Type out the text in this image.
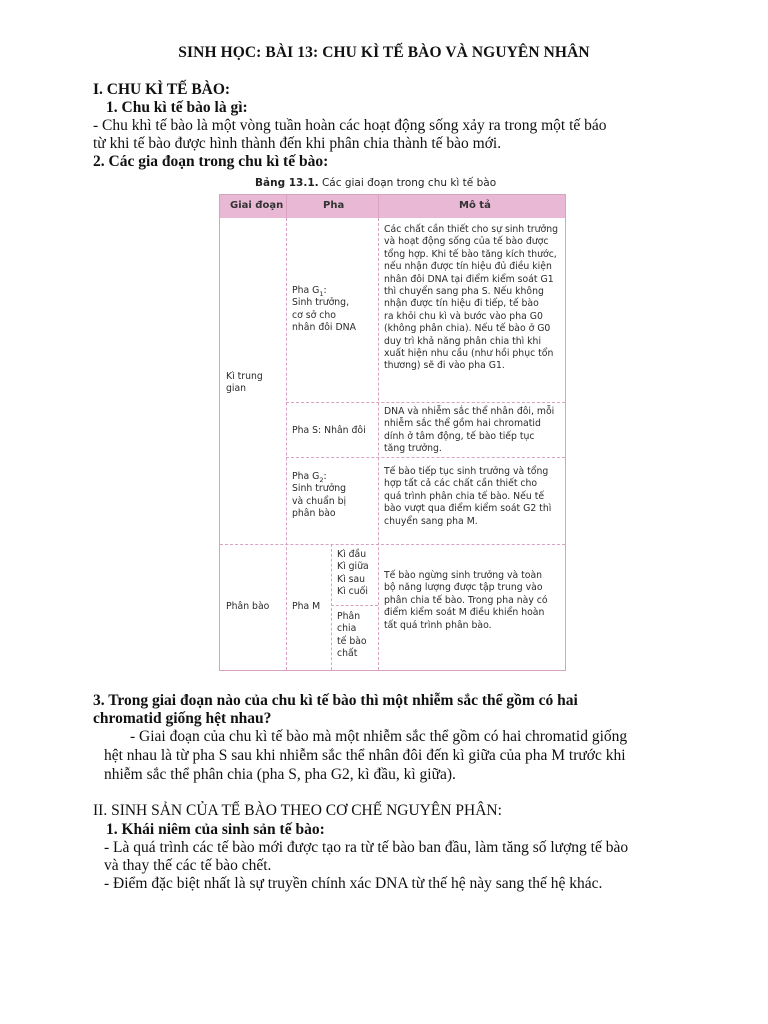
SINH HỌC: BÀI 13: CHU KÌ TẾ BÀO VÀ NGUYÊN NHÂN
I. CHU KÌ TẾ BÀO:
1. Chu kì tế bào là gì:
- Chu khì tế bào là một vòng tuần hoàn các hoạt động sống xảy ra trong một tế báo
từ khi tế bào được hình thành đến khi phân chia thành tế bào mới.
2. Các gia đoạn trong chu kì tế bào:
Bảng 13.1. Các giai đoạn trong chu kì tế bào
Giai đoạn	Pha	Mô tả
Kì trung
gian
Phân bào
Pha $G_1$:
Sinh trưởng,
cơ sở cho
nhân đôi DNA
Pha S: Nhân đôi
Pha $G_2$:
Sinh trưởng
và chuẩn bị
phân bào
Pha M
Kì đầu
Kì giữa
Kì sau
Kì cuối
Phân
chia
tế bào
chất
Các chất cần thiết cho sự sinh trưởng
và hoạt động sống của tế bào được
tổng hợp. Khi tế bào tăng kích thước,
nếu nhận được tín hiệu đủ điều kiện
nhân đôi DNA tại điểm kiểm soát G1
thì chuyển sang pha S. Nếu không
nhận được tín hiệu đi tiếp, tế bào
ra khỏi chu kì và bước vào pha G0
(không phân chia). Nếu tế bào ở G0
duy trì khả năng phân chia thì khi
xuất hiện nhu cầu (như hồi phục tổn
thương) sẽ đi vào pha G1.
DNA và nhiễm sắc thể nhân đôi, mỗi
nhiễm sắc thể gồm hai chromatid
dính ở tâm động, tế bào tiếp tục
tăng trưởng.
Tế bào tiếp tục sinh trưởng và tổng
hợp tất cả các chất cần thiết cho
quá trình phân chia tế bào. Nếu tế
bào vượt qua điểm kiểm soát G2 thì
chuyển sang pha M.
Tế bào ngừng sinh trưởng và toàn
bộ năng lượng được tập trung vào
phân chia tế bào. Trong pha này có
điểm kiểm soát M điều khiển hoàn
tất quá trình phân bào.
3. Trong giai đoạn nào của chu kì tế bào thì một nhiễm sắc thể gồm có hai
chromatid giống hệt nhau?
- Giai đoạn của chu kì tế bào mà một nhiễm sắc thể gồm có hai chromatid giống
hệt nhau là từ pha S sau khi nhiễm sắc thể nhân đôi đến kì giữa của pha M trước khi
nhiễm sắc thể phân chia (pha S, pha G2, kì đầu, kì giữa).
II. SINH SẢN CỦA TẾ BÀO THEO CƠ CHẾ NGUYÊN PHÂN:
1. Khái niêm của sinh sản tế bào:
- Là quá trình các tế bào mới được tạo ra từ tế bào ban đầu, làm tăng số lượng tế bào
và thay thế các tế bào chết.
- Điểm đặc biệt nhất là sự truyền chính xác DNA từ thế hệ này sang thế hệ khác.
